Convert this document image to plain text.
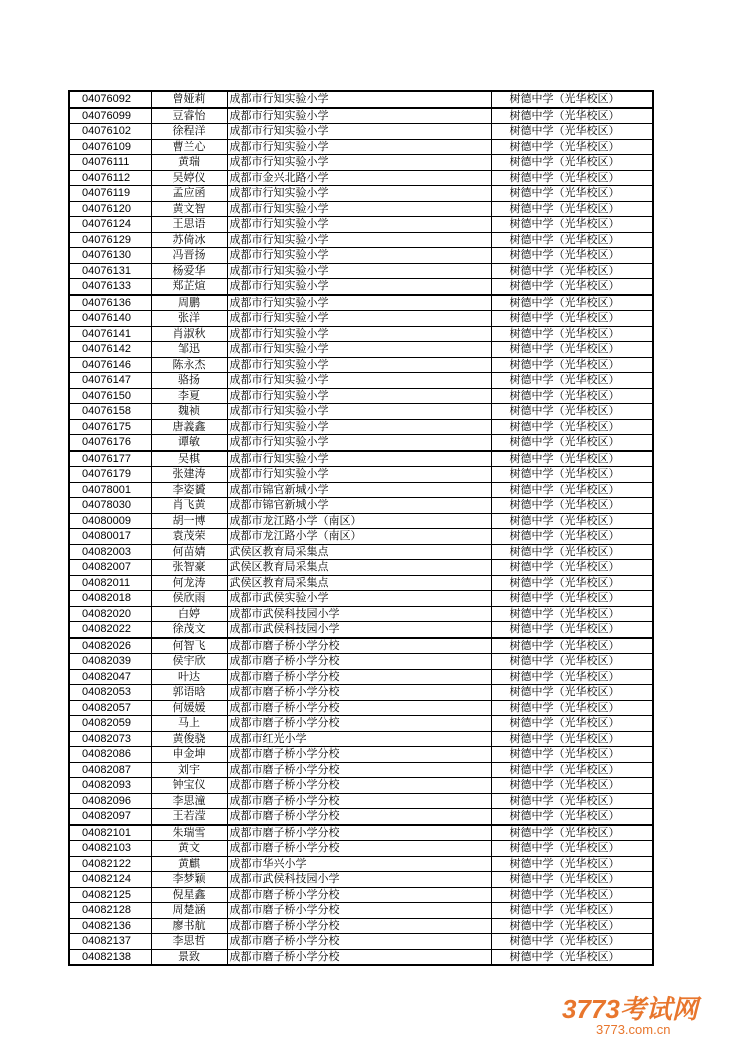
04076092	曾娅莉	成都市行知实验小学	树德中学（光华校区）
04076099	豆睿怡	成都市行知实验小学	树德中学（光华校区）
04076102	徐程洋	成都市行知实验小学	树德中学（光华校区）
04076109	曹兰心	成都市行知实验小学	树德中学（光华校区）
04076111	黄瑞	成都市行知实验小学	树德中学（光华校区）
04076112	吴婷仪	成都市金兴北路小学	树德中学（光华校区）
04076119	孟应函	成都市行知实验小学	树德中学（光华校区）
04076120	黄文智	成都市行知实验小学	树德中学（光华校区）
04076124	王思语	成都市行知实验小学	树德中学（光华校区）
04076129	苏倚冰	成都市行知实验小学	树德中学（光华校区）
04076130	冯晋扬	成都市行知实验小学	树德中学（光华校区）
04076131	杨爱华	成都市行知实验小学	树德中学（光华校区）
04076133	郑芷煊	成都市行知实验小学	树德中学（光华校区）
04076136	周鹏	成都市行知实验小学	树德中学（光华校区）
04076140	张洋	成都市行知实验小学	树德中学（光华校区）
04076141	肖淑秋	成都市行知实验小学	树德中学（光华校区）
04076142	邹迅	成都市行知实验小学	树德中学（光华校区）
04076146	陈永杰	成都市行知实验小学	树德中学（光华校区）
04076147	骆扬	成都市行知实验小学	树德中学（光华校区）
04076150	李夏	成都市行知实验小学	树德中学（光华校区）
04076158	魏祯	成都市行知实验小学	树德中学（光华校区）
04076175	唐義鑫	成都市行知实验小学	树德中学（光华校区）
04076176	谭敏	成都市行知实验小学	树德中学（光华校区）
04076177	吴棋	成都市行知实验小学	树德中学（光华校区）
04076179	张建涛	成都市行知实验小学	树德中学（光华校区）
04078001	李姿贇	成都市锦官新城小学	树德中学（光华校区）
04078030	肖飞黄	成都市锦官新城小学	树德中学（光华校区）
04080009	胡一博	成都市龙江路小学（南区）	树德中学（光华校区）
04080017	袁茂荣	成都市龙江路小学（南区）	树德中学（光华校区）
04082003	何苗婧	武侯区教育局采集点	树德中学（光华校区）
04082007	张智豪	武侯区教育局采集点	树德中学（光华校区）
04082011	何龙涛	武侯区教育局采集点	树德中学（光华校区）
04082018	侯欣雨	成都市武侯实验小学	树德中学（光华校区）
04082020	白婷	成都市武侯科技园小学	树德中学（光华校区）
04082022	徐茂文	成都市武侯科技园小学	树德中学（光华校区）
04082026	何智飞	成都市磨子桥小学分校	树德中学（光华校区）
04082039	侯宇欣	成都市磨子桥小学分校	树德中学（光华校区）
04082047	叶达	成都市磨子桥小学分校	树德中学（光华校区）
04082053	郭语晗	成都市磨子桥小学分校	树德中学（光华校区）
04082057	何媛媛	成都市磨子桥小学分校	树德中学（光华校区）
04082059	马上	成都市磨子桥小学分校	树德中学（光华校区）
04082073	黄俊骁	成都市红光小学	树德中学（光华校区）
04082086	申金坤	成都市磨子桥小学分校	树德中学（光华校区）
04082087	刘宇	成都市磨子桥小学分校	树德中学（光华校区）
04082093	钟宝仪	成都市磨子桥小学分校	树德中学（光华校区）
04082096	李思潼	成都市磨子桥小学分校	树德中学（光华校区）
04082097	王若滢	成都市磨子桥小学分校	树德中学（光华校区）
04082101	朱瑞雪	成都市磨子桥小学分校	树德中学（光华校区）
04082103	黄文	成都市磨子桥小学分校	树德中学（光华校区）
04082122	黄麒	成都市华兴小学	树德中学（光华校区）
04082124	李梦颖	成都市武侯科技园小学	树德中学（光华校区）
04082125	倪星鑫	成都市磨子桥小学分校	树德中学（光华校区）
04082128	周楚涵	成都市磨子桥小学分校	树德中学（光华校区）
04082136	廖书航	成都市磨子桥小学分校	树德中学（光华校区）
04082137	李思哲	成都市磨子桥小学分校	树德中学（光华校区）
04082138	景致	成都市磨子桥小学分校	树德中学（光华校区）
3773考试网
3773.com.cn
